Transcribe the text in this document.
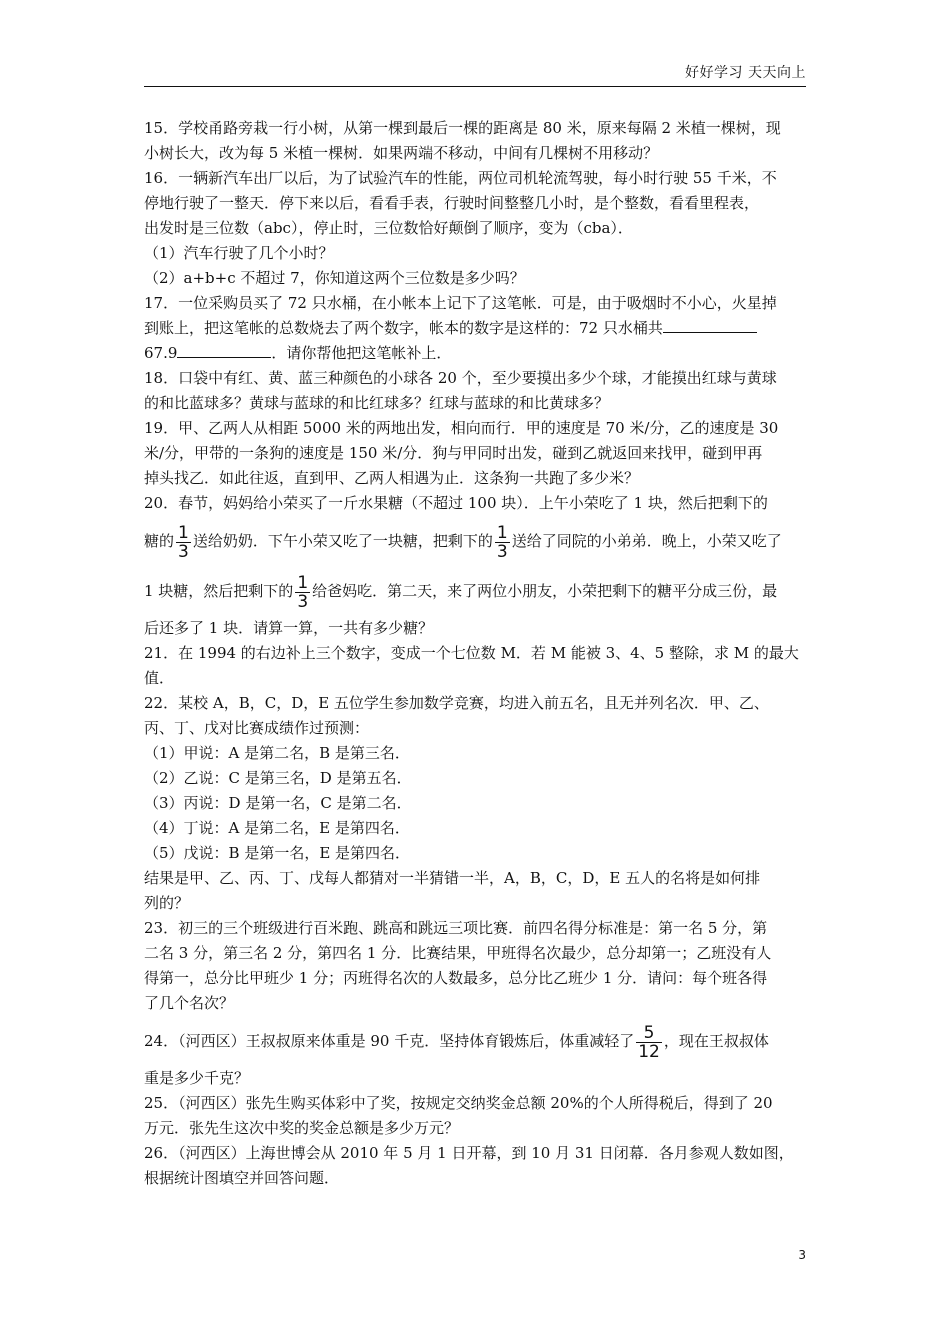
好好学习 天天向上
15．学校甬路旁栽一行小树，从第一棵到最后一棵的距离是 80 米，原来每隔 2 米植一棵树，现
小树长大，改为每 5 米植一棵树．如果两端不移动，中间有几棵树不用移动？
16．一辆新汽车出厂以后，为了试验汽车的性能，两位司机轮流驾驶，每小时行驶 55 千米，不
停地行驶了一整天．停下来以后，看看手表，行驶时间整整几小时，是个整数，看看里程表，
出发时是三位数（abc），停止时，三位数恰好颠倒了顺序，变为（cba）．
（1）汽车行驶了几个小时？
（2）a+b+c 不超过 7，你知道这两个三位数是多少吗？
17．一位采购员买了 72 只水桶，在小帐本上记下了这笔帐．可是，由于吸烟时不小心，火星掉
到账上，把这笔帐的总数烧去了两个数字，帐本的数字是这样的：72 只水桶共
67.9	．请你帮他把这笔帐补上．
18．口袋中有红、黄、蓝三种颜色的小球各 20 个，至少要摸出多少个球，才能摸出红球与黄球
的和比蓝球多？黄球与蓝球的和比红球多？红球与蓝球的和比黄球多？
19．甲、乙两人从相距 5000 米的两地出发，相向而行．甲的速度是 70 米/分，乙的速度是 30
米/分，甲带的一条狗的速度是 150 米/分．狗与甲同时出发，碰到乙就返回来找甲，碰到甲再
掉头找乙．如此往返，直到甲、乙两人相遇为止．这条狗一共跑了多少米？
20．春节，妈妈给小荣买了一斤水果糖（不超过 100 块）．上午小荣吃了 1 块，然后把剩下的
糖的 $\frac{1}{3}$ 送给奶奶．下午小荣又吃了一块糖，把剩下的 $\frac{1}{3}$ 送给了同院的小弟弟．晚上，小荣又吃了
1 块糖，然后把剩下的 $\frac{1}{3}$ 给爸妈吃．第二天，来了两位小朋友，小荣把剩下的糖平分成三份，最
后还多了 1 块．请算一算，一共有多少糖？
21．在 1994 的右边补上三个数字，变成一个七位数 M．若 M 能被 3、4、5 整除，求 M 的最大
值．
22．某校 A，B，C，D，E 五位学生参加数学竞赛，均进入前五名，且无并列名次．甲、乙、
丙、丁、戊对比赛成绩作过预测：
（1）甲说：A 是第二名，B 是第三名．
（2）乙说：C 是第三名，D 是第五名．
（3）丙说：D 是第一名，C 是第二名．
（4）丁说：A 是第二名，E 是第四名．
（5）戊说：B 是第一名，E 是第四名．
结果是甲、乙、丙、丁、戊每人都猜对一半猜错一半，A，B，C，D，E 五人的名将是如何排
列的？
23．初三的三个班级进行百米跑、跳高和跳远三项比赛．前四名得分标准是：第一名 5 分，第
二名 3 分，第三名 2 分，第四名 1 分．比赛结果，甲班得名次最少，总分却第一；乙班没有人
得第一，总分比甲班少 1 分；丙班得名次的人数最多，总分比乙班少 1 分．请问：每个班各得
了几个名次？
24．（河西区）王叔叔原来体重是 90 千克．坚持体育锻炼后，体重减轻了 $\frac{5}{12}$ ，现在王叔叔体
重是多少千克？
25．（河西区）张先生购买体彩中了奖，按规定交纳奖金总额 20%的个人所得税后，得到了 20
万元．张先生这次中奖的奖金总额是多少万元？
26．（河西区）上海世博会从 2010 年 5 月 1 日开幕，到 10 月 31 日闭幕．各月参观人数如图，
根据统计图填空并回答问题．
3
